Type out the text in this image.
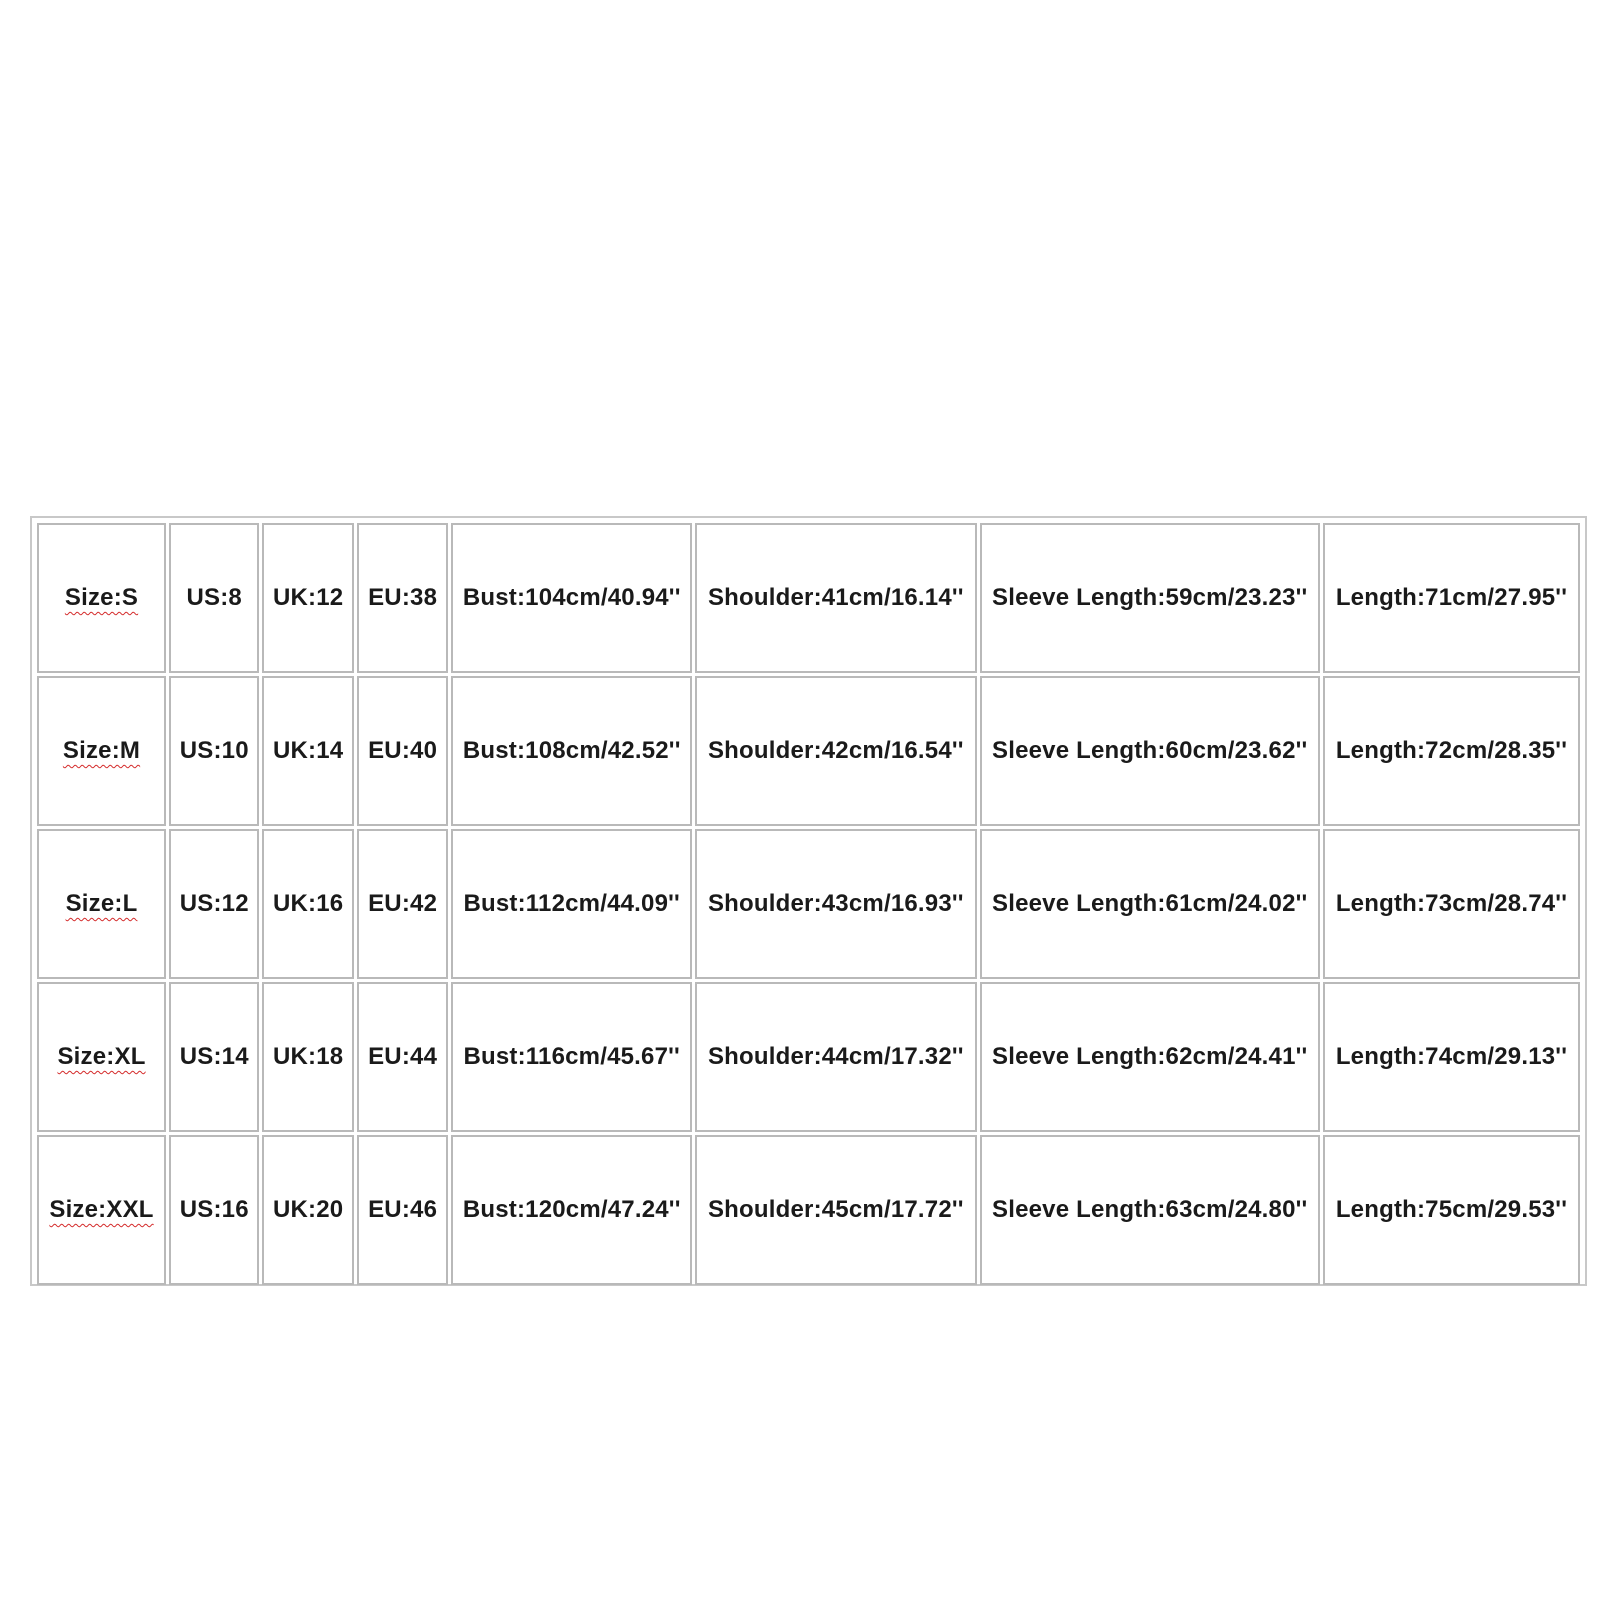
Size:S	US:8	UK:12	EU:38	Bust:104cm/40.94''	Shoulder:41cm/16.14''	Sleeve Length:59cm/23.23''	Length:71cm/27.95''
Size:M	US:10	UK:14	EU:40	Bust:108cm/42.52''	Shoulder:42cm/16.54''	Sleeve Length:60cm/23.62''	Length:72cm/28.35''
Size:L	US:12	UK:16	EU:42	Bust:112cm/44.09''	Shoulder:43cm/16.93''	Sleeve Length:61cm/24.02''	Length:73cm/28.74''
Size:XL	US:14	UK:18	EU:44	Bust:116cm/45.67''	Shoulder:44cm/17.32''	Sleeve Length:62cm/24.41''	Length:74cm/29.13''
Size:XXL	US:16	UK:20	EU:46	Bust:120cm/47.24''	Shoulder:45cm/17.72''	Sleeve Length:63cm/24.80''	Length:75cm/29.53''
